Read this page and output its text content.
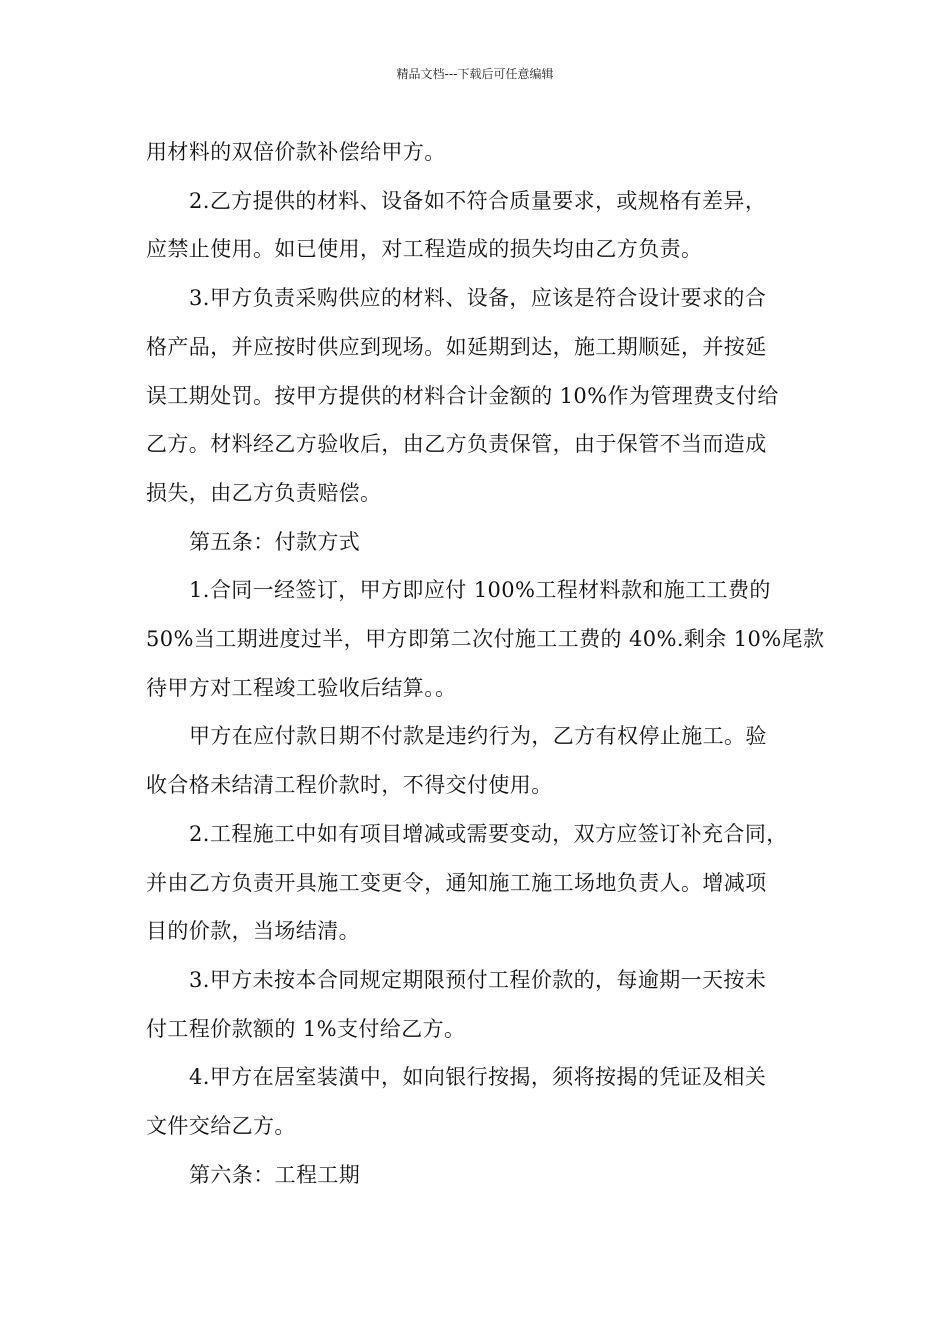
精品文档---下载后可任意编辑
用材料的双倍价款补偿给甲方。
2.乙方提供的材料、设备如不符合质量要求，或规格有差异，
应禁止使用。如已使用，对工程造成的损失均由乙方负责。
3.甲方负责采购供应的材料、设备，应该是符合设计要求的合
格产品，并应按时供应到现场。如延期到达，施工期顺延，并按延
误工期处罚。按甲方提供的材料合计金额的 10%作为管理费支付给
乙方。材料经乙方验收后，由乙方负责保管，由于保管不当而造成
损失，由乙方负责赔偿。
第五条：付款方式
1.合同一经签订，甲方即应付 100%工程材料款和施工工费的
50%当工期进度过半，甲方即第二次付施工工费的 40%.剩余 10%尾款
待甲方对工程竣工验收后结算。。
甲方在应付款日期不付款是违约行为，乙方有权停止施工。验
收合格未结清工程价款时，不得交付使用。
2.工程施工中如有项目增减或需要变动，双方应签订补充合同，
并由乙方负责开具施工变更令，通知施工施工场地负责人。增减项
目的价款，当场结清。
3.甲方未按本合同规定期限预付工程价款的，每逾期一天按未
付工程价款额的 1%支付给乙方。
4.甲方在居室装潢中，如向银行按揭，须将按揭的凭证及相关
文件交给乙方。
第六条：工程工期
